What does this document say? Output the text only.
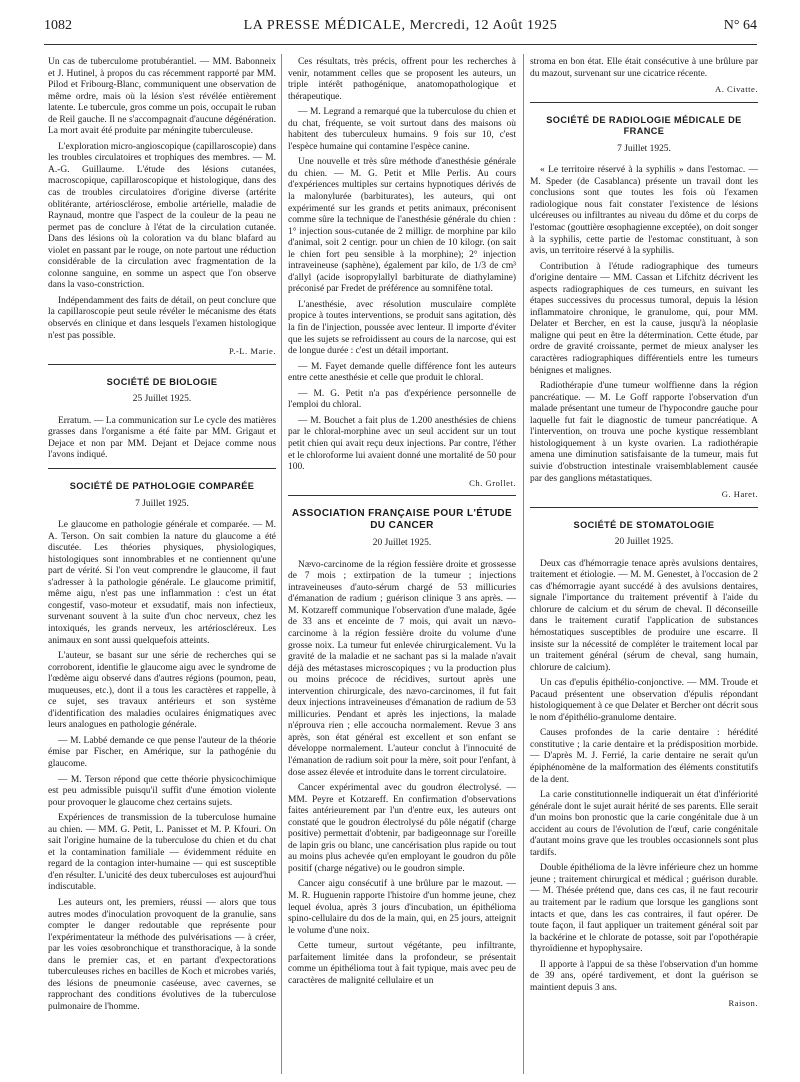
1082	LA PRESSE MÉDICALE, Mercredi, 12 Août 1925	N° 64

Un cas de tuberculome protubérantiel. — MM. Babonneix et J. Hutinel, à propos du cas récemment rapporté par MM. Pilod et Fribourg-Blanc, communiquent une observation de même ordre, mais où la lésion s'est révélée entièrement latente. Le tubercule, gros comme un pois, occupait le ruban de Reil gauche. Il ne s'accompagnait d'aucune dégénération. La mort avait été produite par méningite tuberculeuse.

L'exploration micro-angioscopique (capillaroscopie) dans les troubles circulatoires et trophiques des membres. — M. A.-G. Guillaume. L'étude des lésions cutanées, macroscopique, capillaroscopique et histologique, dans des cas de troubles circulatoires d'origine diverse (artérite oblitérante, artériosclérose, embolie artérielle, maladie de Raynaud, montre que l'aspect de la couleur de la peau ne permet pas de conclure à l'état de la circulation cutanée. Dans des lésions où la coloration va du blanc blafard au violet en passant par le rouge, on note partout une réduction considérable de la circulation avec fragmentation de la colonne sanguine, en somme un aspect que l'on observe dans la vaso-constriction.

Indépendamment des faits de détail, on peut conclure que la capillaroscopie peut seule révéler le mécanisme des états observés en clinique et dans lesquels l'examen histologique n'est pas possible.

P.-L. Marie.

SOCIÉTÉ DE BIOLOGIE

25 Juillet 1925.

Erratum. — La communication sur Le cycle des matières grasses dans l'organisme a été faite par MM. Grigaut et Dejace et non par MM. Dejant et Dejace comme nous l'avons indiqué.

SOCIÉTÉ DE PATHOLOGIE COMPARÉE

7 Juillet 1925.

Le glaucome en pathologie générale et comparée. — M. A. Terson. On sait combien la nature du glaucome a été discutée. Les théories physiques, physiologiques, histologiques sont innombrables et ne contiennent qu'une part de vérité. Si l'on veut comprendre le glaucome, il faut s'adresser à la pathologie générale. Le glaucome primitif, même aigu, n'est pas une inflammation : c'est un état congestif, vaso-moteur et exsudatif, mais non infectieux, survenant souvent à la suite d'un choc nerveux, chez les intoxiqués, les grands nerveux, les artérioscléreux. Les animaux en sont aussi quelquefois atteints.

L'auteur, se basant sur une série de recherches qui se corroborent, identifie le glaucome aigu avec le syndrome de l'œdème aigu observé dans d'autres régions (poumon, peau, muqueuses, etc.), dont il a tous les caractères et rappelle, à ce sujet, ses travaux antérieurs et son système d'identification des maladies oculaires énigmatiques avec leurs analogues en pathologie générale.

— M. Labbé demande ce que pense l'auteur de la théorie émise par Fischer, en Amérique, sur la pathogénie du glaucome.

— M. Terson répond que cette théorie physicochimique est peu admissible puisqu'il suffit d'une émotion violente pour provoquer le glaucome chez certains sujets.

Expériences de transmission de la tuberculose humaine au chien. — MM. G. Petit, L. Panisset et M. P. Kfouri. On sait l'origine humaine de la tuberculose du chien et du chat et la contamination familiale — évidemment réduite en regard de la contagion inter-humaine — qui est susceptible d'en résulter. L'unicité des deux tuberculoses est aujourd'hui indiscutable.

Les auteurs ont, les premiers, réussi — alors que tous autres modes d'inoculation provoquent de la granulie, sans compter le danger redoutable que représente pour l'expérimentateur la méthode des pulvérisations — à créer, par les voies œsobronchique et transthoracique, à la sonde dans le premier cas, et en partant d'expectorations tuberculeuses riches en bacilles de Koch et microbes variés, des lésions de pneumonie caséeuse, avec cavernes, se rapprochant des conditions évolutives de la tuberculose pulmonaire de l'homme.

Ces résultats, très précis, offrent pour les recherches à venir, notamment celles que se proposent les auteurs, un triple intérêt pathogénique, anatomopathologique et thérapeutique.

— M. Legrand a remarqué que la tuberculose du chien et du chat, fréquente, se voit surtout dans des maisons où habitent des tuberculeux humains. 9 fois sur 10, c'est l'espèce humaine qui contamine l'espèce canine.

Une nouvelle et très sûre méthode d'anesthésie générale du chien. — M. G. Petit et Mlle Perlis. Au cours d'expériences multiples sur certains hypnotiques dérivés de la malonylurée (barbiturates), les auteurs, qui ont expérimenté sur les grands et petits animaux, préconisent comme sûre la technique de l'anesthésie générale du chien : 1° injection sous-cutanée de 2 milligr. de morphine par kilo d'animal, soit 2 centigr. pour un chien de 10 kilogr. (on sait le chien fort peu sensible à la morphine); 2° injection intraveineuse (saphène), également par kilo, de 1/3 de cm³ d'allyl (acide isopropylallyl barbiturate de diathylamine) préconisé par Fredet de préférence au somnifène total.

L'anesthésie, avec résolution musculaire complète propice à toutes interventions, se produit sans agitation, dès la fin de l'injection, poussée avec lenteur. Il importe d'éviter que les sujets se refroidissent au cours de la narcose, qui est de longue durée : c'est un détail important.

— M. Fayet demande quelle différence font les auteurs entre cette anesthésie et celle que produit le chloral.

— M. G. Petit n'a pas d'expérience personnelle de l'emploi du chloral.

— M. Bouchet a fait plus de 1.200 anesthésies de chiens par le chloral-morphine avec un seul accident sur un tout petit chien qui avait reçu deux injections. Par contre, l'éther et le chloroforme lui avaient donné une mortalité de 50 pour 100.

Ch. Grollet.

ASSOCIATION FRANÇAISE POUR L'ÉTUDE DU CANCER

20 Juillet 1925.

Nævo-carcinome de la région fessière droite et grossesse de 7 mois ; extirpation de la tumeur ; injections intraveineuses d'auto-sérum chargé de 53 millicuries d'émanation de radium ; guérison clinique 3 ans après. — M. Kotzareff communique l'observation d'une malade, âgée de 33 ans et enceinte de 7 mois, qui avait un nævo-carcinome à la région fessière droite du volume d'une grosse noix. La tumeur fut enlevée chirurgicalement. Vu la gravité de la maladie et ne sachant pas si la malade n'avait déjà des métastases microscopiques ; vu la production plus ou moins précoce de récidives, surtout après une intervention chirurgicale, des nævo-carcinomes, il fut fait deux injections intraveineuses d'émanation de radium de 53 millicuries. Pendant et après les injections, la malade n'éprouva rien ; elle accoucha normalement. Revue 3 ans après, son état général est excellent et son enfant se développe normalement. L'auteur conclut à l'innocuité de l'émanation de radium soit pour la mère, soit pour l'enfant, à dose assez élevée et introduite dans le torrent circulatoire.

Cancer expérimental avec du goudron électrolysé. — MM. Peyre et Kotzareff. En confirmation d'observations faites antérieurement par l'un d'entre eux, les auteurs ont constaté que le goudron électrolysé du pôle négatif (charge positive) permettait d'obtenir, par badigeonnage sur l'oreille de lapin gris ou blanc, une cancérisation plus rapide ou tout au moins plus achevée qu'en employant le goudron du pôle positif (charge négative) ou le goudron simple.

Cancer aigu consécutif à une brûlure par le mazout. — M. R. Huguenin rapporte l'histoire d'un homme jeune, chez lequel évolua, après 3 jours d'incubation, un épithélioma spino-cellulaire du dos de la main, qui, en 25 jours, atteignit le volume d'une noix.

Cette tumeur, surtout végétante, peu infiltrante, parfaitement limitée dans la profondeur, se présentait comme un épithélioma tout à fait typique, mais avec peu de caractères de malignité cellulaire et un

stroma en bon état. Elle était consécutive à une brûlure par du mazout, survenant sur une cicatrice récente.

A. Civatte.

SOCIÉTÉ DE RADIOLOGIE MÉDICALE DE FRANCE

7 Juillet 1925.

« Le territoire réservé à la syphilis » dans l'estomac. — M. Speder (de Casablanca) présente un travail dont les conclusions sont que toutes les fois où l'examen radiologique nous fait constater l'existence de lésions ulcéreuses ou infiltrantes au niveau du dôme et du corps de l'estomac (gouttière œsophagienne exceptée), on doit songer à la syphilis, cette partie de l'estomac constituant, à son avis, un territoire réservé à la syphilis.

Contribution à l'étude radiographique des tumeurs d'origine dentaire — MM. Cassan et Lifchitz décrivent les aspects radiographiques de ces tumeurs, en suivant les étapes successives du processus tumoral, depuis la lésion inflammatoire chronique, le granulome, qui, pour MM. Delater et Bercher, en est la cause, jusqu'à la néoplasie maligne qui peut en être la détermination. Cette étude, par ordre de gravité croissante, permet de mieux analyser les caractères radiographiques différentiels entre les tumeurs bénignes et malignes.

Radiothérapie d'une tumeur wolffienne dans la région pancréatique. — M. Le Goff rapporte l'observation d'un malade présentant une tumeur de l'hypocondre gauche pour laquelle fut fait le diagnostic de tumeur pancréatique. A l'intervention, on trouva une poche kystique ressemblant histologiquement à un kyste ovarien. La radiothérapie amena une diminution satisfaisante de la tumeur, mais fut suivie d'obstruction intestinale vraisemblablement causée par des ganglions métastatiques.

G. Haret.

SOCIÉTÉ DE STOMATOLOGIE

20 Juillet 1925.

Deux cas d'hémorragie tenace après avulsions dentaires, traitement et étiologie. — M. M. Genestet, à l'occasion de 2 cas d'hémorragie ayant succédé à des avulsions dentaires, signale l'importance du traitement préventif à l'aide du chlorure de calcium et du sérum de cheval. Il déconseille dans le traitement curatif l'application de substances hémostatiques susceptibles de produire une escarre. Il insiste sur la nécessité de compléter le traitement local par un traitement général (sérum de cheval, sang humain, chlorure de calcium).

Un cas d'epulis épithélio-conjonctive. — MM. Troude et Pacaud présentent une observation d'épulis répondant histologiquement à ce que Delater et Bercher ont décrit sous le nom d'épithélio-granulome dentaire.

Causes profondes de la carie dentaire : hérédité constitutive ; la carie dentaire et la prédisposition morbide. — D'après M. J. Ferrié, la carie dentaire ne serait qu'un épiphénomène de la malformation des éléments constitutifs de la dent.

La carie constitutionnelle indiquerait un état d'infériorité générale dont le sujet aurait hérité de ses parents. Elle serait d'un moins bon pronostic que la carie congénitale due à un accident au cours de l'évolution de l'œuf, carie congénitale d'autant moins grave que les troubles occasionnels sont plus tardifs.

Double épithélioma de la lèvre inférieure chez un homme jeune ; traitement chirurgical et médical ; guérison durable. — M. Thésée prétend que, dans ces cas, il ne faut recourir au traitement par le radium que lorsque les ganglions sont intacts et que, dans les cas contraires, il faut opérer. De toute façon, il faut appliquer un traitement général soit par la backérine et le chlorate de potasse, soit par l'opothérapie thyroïdienne et hypophysaire.

Il apporte à l'appui de sa thèse l'observation d'un homme de 39 ans, opéré tardivement, et dont la guérison se maintient depuis 3 ans.

Raison.
